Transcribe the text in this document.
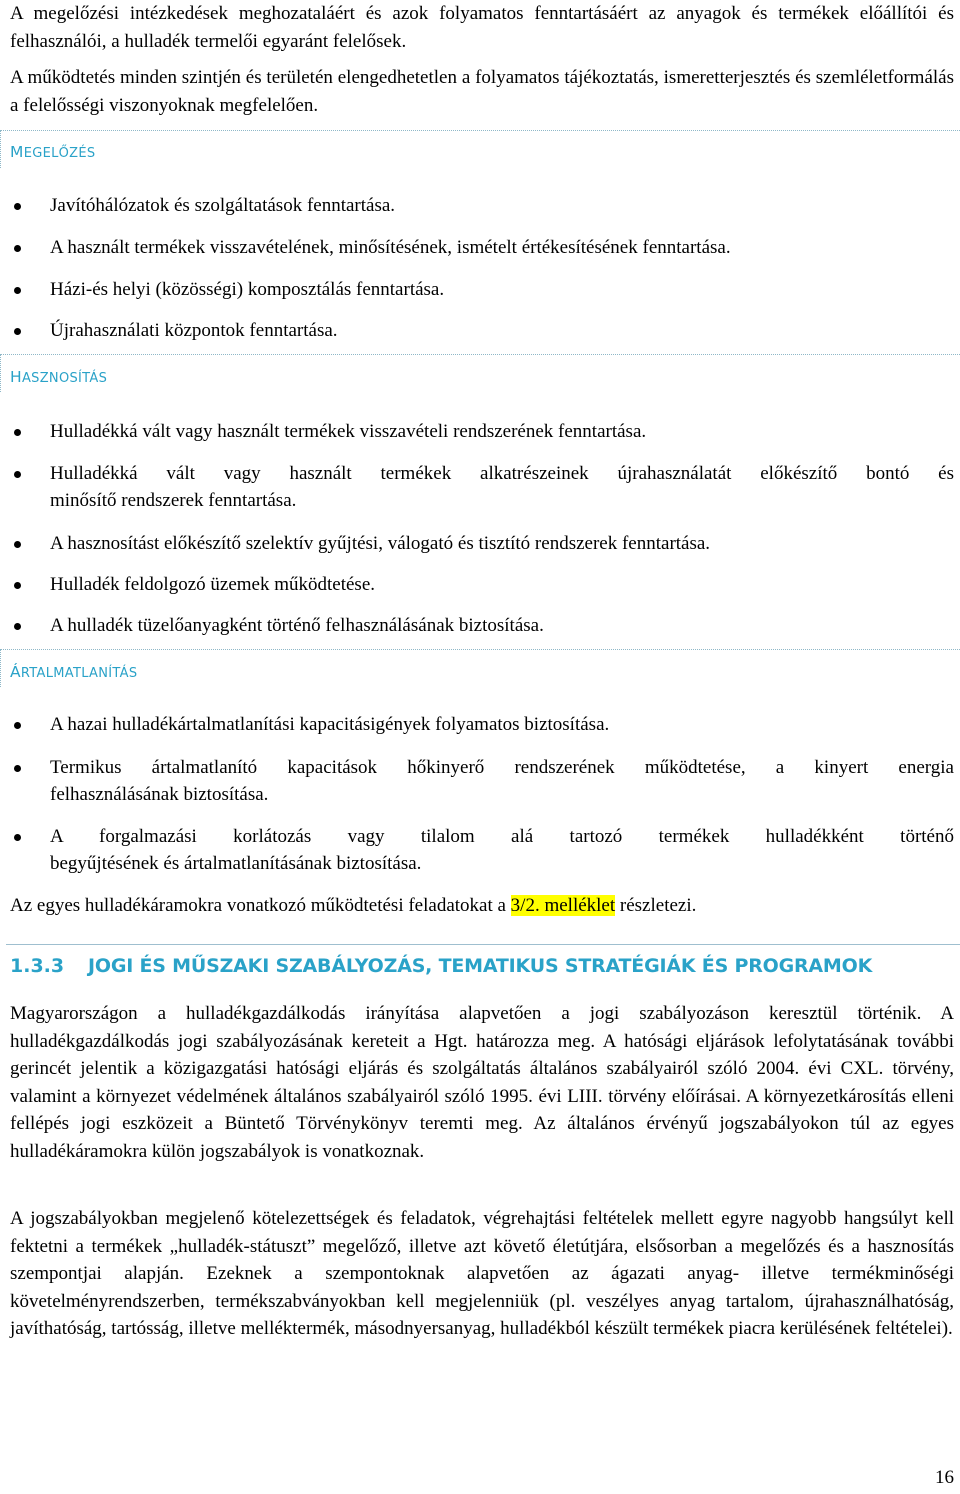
A megelőzési intézkedések meghozataláért és azok folyamatos fenntartásáért az anyagok és termékek előállítói és felhasználói, a hulladék termelői egyaránt felelősek.

A működtetés minden szintjén és területén elengedhetetlen a folyamatos tájékoztatás, ismeretterjesztés és szemléletformálás a felelősségi viszonyoknak megfelelően.

MEGELŐZÉS

Javítóhálózatok és szolgáltatások fenntartása.
A használt termékek visszavételének, minősítésének, ismételt értékesítésének fenntartása.
Házi-és helyi (közösségi) komposztálás fenntartása.
Újrahasználati központok fenntartása.

HASZNOSÍTÁS

Hulladékká vált vagy használt termékek visszavételi rendszerének fenntartása.
Hulladékká vált vagy használt termékek alkatrészeinek újrahasználatát előkészítő bontó és
minősítő rendszerek fenntartása.
A hasznosítást előkészítő szelektív gyűjtési, válogató és tisztító rendszerek fenntartása.
Hulladék feldolgozó üzemek működtetése.
A hulladék tüzelőanyagként történő felhasználásának biztosítása.

ÁRTALMATLANÍTÁS

A hazai hulladékártalmatlanítási kapacitásigények folyamatos biztosítása.
Termikus ártalmatlanító kapacitások hőkinyerő rendszerének működtetése, a kinyert energia
felhasználásának biztosítása.
A forgalmazási korlátozás vagy tilalom alá tartozó termékek hulladékként történő
begyűjtésének és ártalmatlanításának biztosítása.

Az egyes hulladékáramokra vonatkozó működtetési feladatokat a 3/2. melléklet részletezi.

1.3.3 JOGI ÉS MŰSZAKI SZABÁLYOZÁS, TEMATIKUS STRATÉGIÁK ÉS PROGRAMOK

Magyarországon a hulladékgazdálkodás irányítása alapvetően a jogi szabályozáson keresztül történik. A hulladékgazdálkodás jogi szabályozásának kereteit a Hgt. határozza meg. A hatósági eljárások lefolytatásának további gerincét jelentik a közigazgatási hatósági eljárás és szolgáltatás általános szabályairól szóló 2004. évi CXL. törvény, valamint a környezet védelmének általános szabályairól szóló 1995. évi LIII. törvény előírásai. A környezetkárosítás elleni fellépés jogi eszközeit a Büntető Törvénykönyv teremti meg. Az általános érvényű jogszabályokon túl az egyes hulladékáramokra külön jogszabályok is vonatkoznak.

A jogszabályokban megjelenő kötelezettségek és feladatok, végrehajtási feltételek mellett egyre nagyobb hangsúlyt kell fektetni a termékek „hulladék-státuszt” megelőző, illetve azt követő életútjára, elsősorban a megelőzés és a hasznosítás szempontjai alapján. Ezeknek a szempontoknak alapvetően az ágazati anyag- illetve termékminőségi követelményrendszerben, termékszabványokban kell megjelenniük (pl. veszélyes anyag tartalom, újrahasználhatóság, javíthatóság, tartósság, illetve melléktermék, másodnyersanyag, hulladékból készült termékek piacra kerülésének feltételei).

16
